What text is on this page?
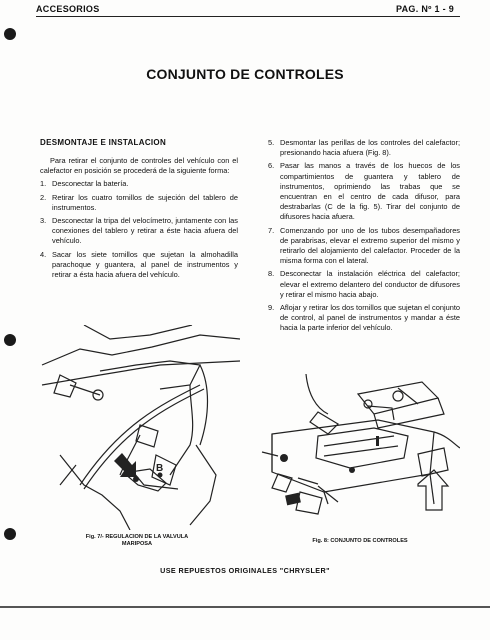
ACCESORIOS	PAG. Nº 1 - 9
CONJUNTO DE CONTROLES
DESMONTAJE E INSTALACION

Para retirar el conjunto de controles del vehículo con el calefactor en posición se procederá de la siguiente forma:

1. Desconectar la batería.
2. Retirar los cuatro tornillos de sujeción del tablero de instrumentos.
3. Desconectar la tripa del velocímetro, juntamente con las conexiones del tablero y retirar a éste hacia afuera del vehículo.
4. Sacar los siete tornillos que sujetan la almohadilla parachoque y guantera, al panel de instrumentos y retirar a ésta hacia afuera del vehículo.
5. Desmontar las perillas de los controles del calefactor; presionando hacia afuera (Fig. 8).
6. Pasar las manos a través de los huecos de los compartimientos de guantera y tablero de instrumentos, oprimiendo las trabas que se encuentran en el centro de cada difusor, para destrabarlas (C de la fig. 5). Tirar del conjunto de difusores hacia afuera.
7. Comenzando por uno de los tubos desempañadores de parabrisas, elevar el extremo superior del mismo y retirarlo del alojamiento del calefactor. Proceder de la misma forma con el lateral.
8. Desconectar la instalación eléctrica del calefactor; elevar el extremo delantero del conductor de difusores y retirar el mismo hacia abajo.
9. Aflojar y retirar los dos tornillos que sujetan el conjunto de control, al panel de instrumentos y mandar a éste hacia la parte inferior del vehículo.
B
Fig. 7/- REGULACION DE LA VALVULA
MARIPOSA	Fig. 8: CONJUNTO DE CONTROLES
USE REPUESTOS ORIGINALES "CHRYSLER"
